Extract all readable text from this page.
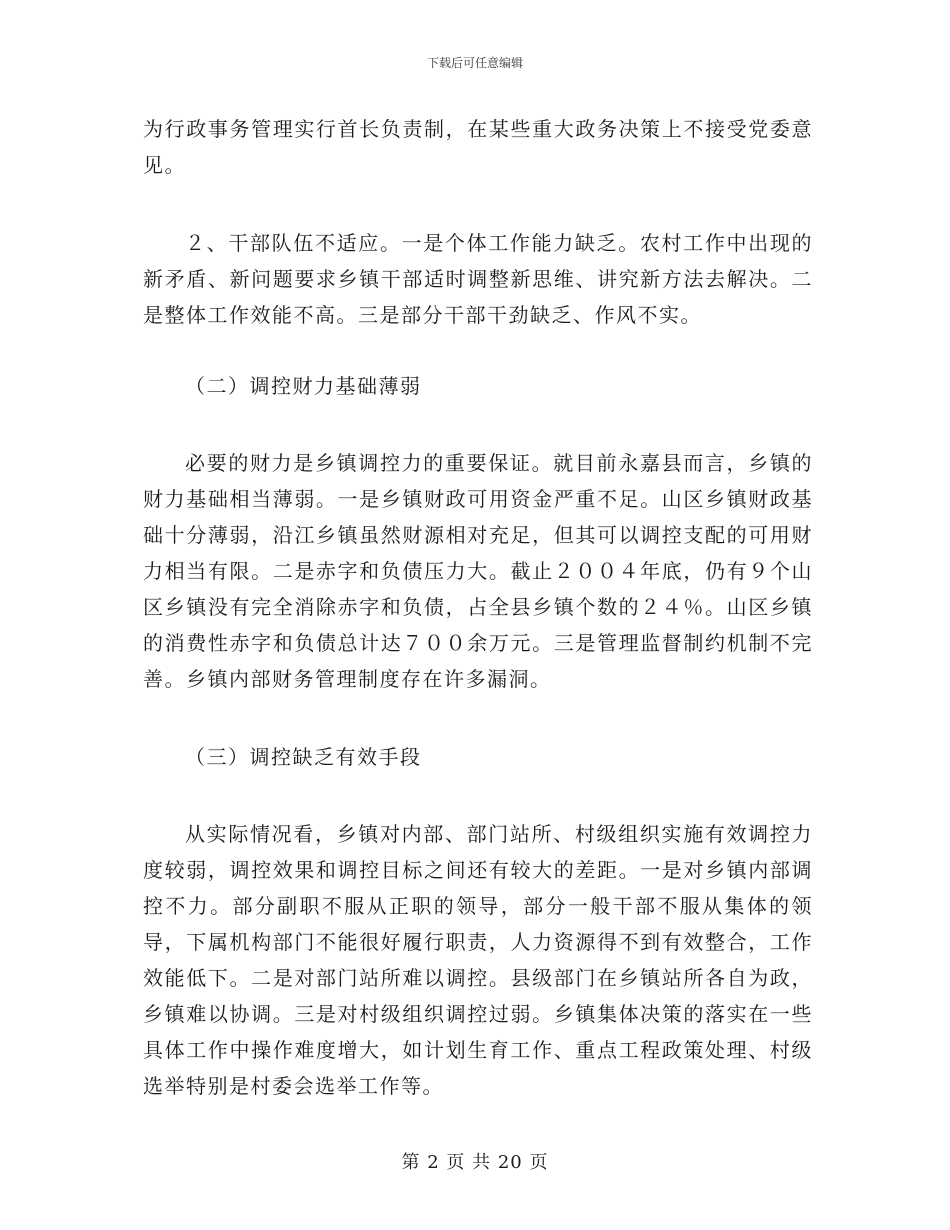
下载后可任意编辑

为行政事务管理实行首长负责制，在某些重大政务决策上不接受党委意见。

２、干部队伍不适应。一是个体工作能力缺乏。农村工作中出现的新矛盾、新问题要求乡镇干部适时调整新思维、讲究新方法去解决。二是整体工作效能不高。三是部分干部干劲缺乏、作风不实。

（二）调控财力基础薄弱

必要的财力是乡镇调控力的重要保证。就目前永嘉县而言，乡镇的财力基础相当薄弱。一是乡镇财政可用资金严重不足。山区乡镇财政基础十分薄弱，沿江乡镇虽然财源相对充足，但其可以调控支配的可用财力相当有限。二是赤字和负债压力大。截止２００４年底，仍有９个山区乡镇没有完全消除赤字和负债，占全县乡镇个数的２４％。山区乡镇的消费性赤字和负债总计达７００余万元。三是管理监督制约机制不完善。乡镇内部财务管理制度存在许多漏洞。

（三）调控缺乏有效手段

从实际情况看，乡镇对内部、部门站所、村级组织实施有效调控力度较弱，调控效果和调控目标之间还有较大的差距。一是对乡镇内部调控不力。部分副职不服从正职的领导，部分一般干部不服从集体的领导，下属机构部门不能很好履行职责，人力资源得不到有效整合，工作效能低下。二是对部门站所难以调控。县级部门在乡镇站所各自为政，乡镇难以协调。三是对村级组织调控过弱。乡镇集体决策的落实在一些具体工作中操作难度增大，如计划生育工作、重点工程政策处理、村级选举特别是村委会选举工作等。

第 2 页 共 20 页
